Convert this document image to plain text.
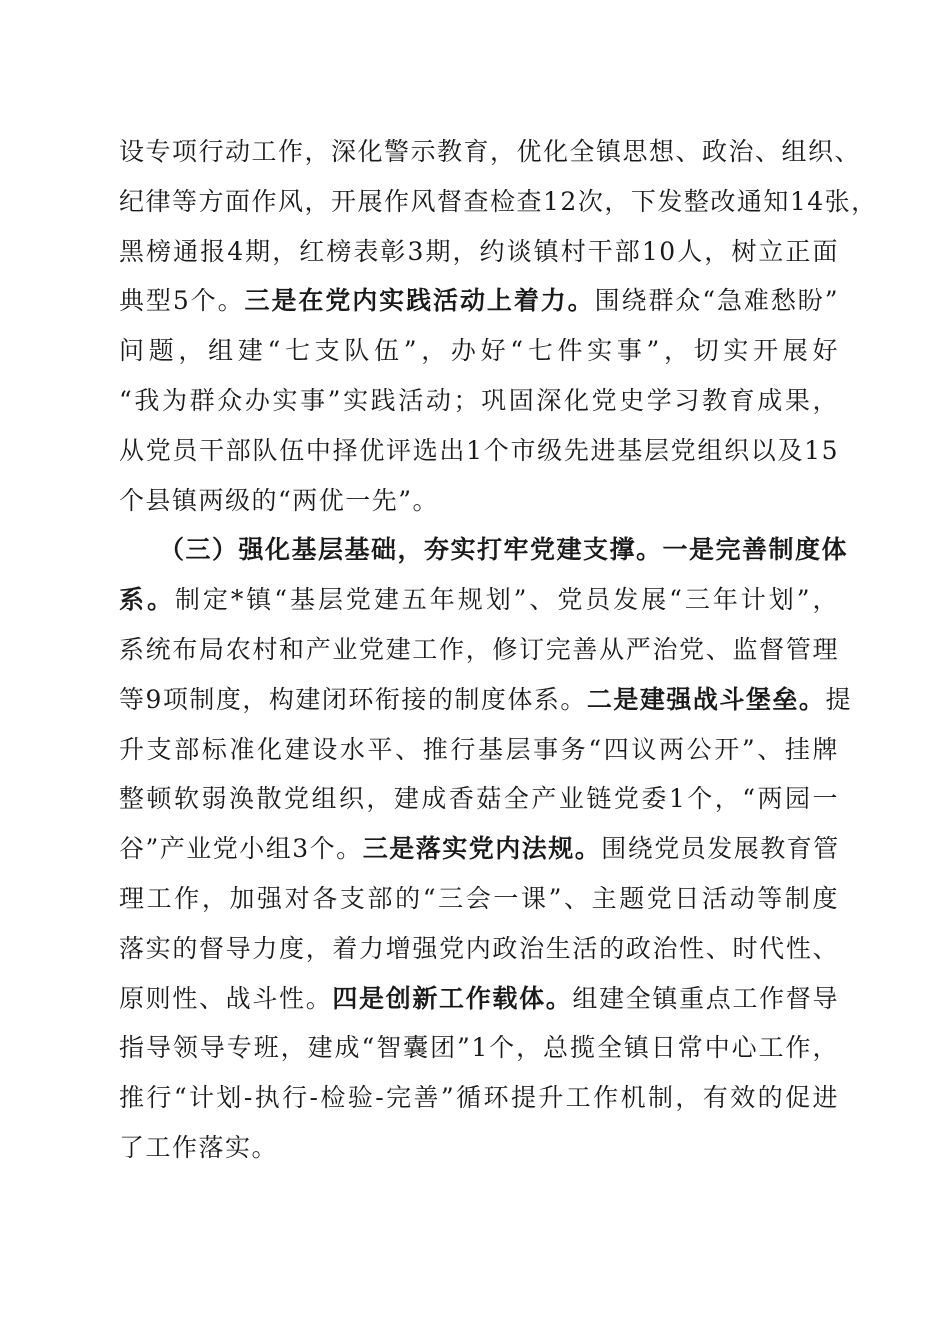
设专项行动工作，深化警示教育，优化全镇思想、政治、组织、
纪律等方面作风，开展作风督查检查12次，下发整改通知14张，
黑榜通报4期，红榜表彰3期，约谈镇村干部10人，树立正面
典型5个。三是在党内实践活动上着力。围绕群众“急难愁盼”
问题，组建“七支队伍”，办好“七件实事”，切实开展好
“我为群众办实事”实践活动；巩固深化党史学习教育成果，
从党员干部队伍中择优评选出1个市级先进基层党组织以及15
个县镇两级的“两优一先”。
（三）强化基层基础，夯实打牢党建支撑。一是完善制度体
系。制定*镇“基层党建五年规划”、党员发展“三年计划”，
系统布局农村和产业党建工作，修订完善从严治党、监督管理
等9项制度，构建闭环衔接的制度体系。二是建强战斗堡垒。提
升支部标准化建设水平、推行基层事务“四议两公开”、挂牌
整顿软弱涣散党组织，建成香菇全产业链党委1个，“两园一
谷”产业党小组3个。三是落实党内法规。围绕党员发展教育管
理工作，加强对各支部的“三会一课”、主题党日活动等制度
落实的督导力度，着力增强党内政治生活的政治性、时代性、
原则性、战斗性。四是创新工作载体。组建全镇重点工作督导
指导领导专班，建成“智囊团”1个，总揽全镇日常中心工作，
推行“计划-执行-检验-完善”循环提升工作机制，有效的促进
了工作落实。
